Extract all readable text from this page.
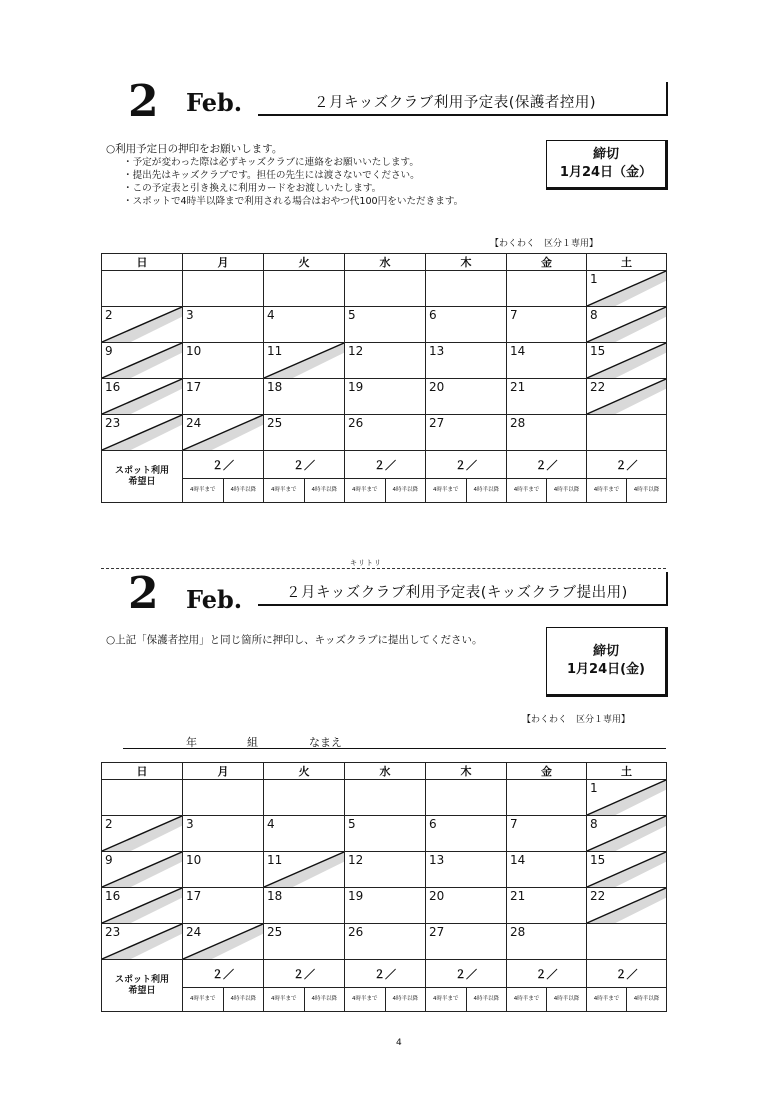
2 Feb.	２月キッズクラブ利用予定表(保護者控用)
○利用予定日の押印をお願いします。
・予定が変わった際は必ずキッズクラブに連絡をお願いいたします。
・提出先はキッズクラブです。担任の先生には渡さないでください。
・この予定表と引き換えに利用カードをお渡しいたします。
・スポットで4時半以降まで利用される場合はおやつ代100円をいただきます。
締切
1月24日（金）
【わくわく　区分１専用】
日	月	火	水	木	金	土

						1

2	3	4	5	6	7	8

9	10	11	12	13	14	15

16	17	18	19	20	21	22

23	24	25	26	27	28	

スポット利用
希望日	２／	２／	２／	２／	２／	２／

	4時半まで 4時半以降	4時半まで 4時半以降	4時半まで 4時半以降	4時半まで 4時半以降	4時半まで 4時半以降	4時半まで 4時半以降
キリトリ
2 Feb.	２月キッズクラブ利用予定表(キッズクラブ提出用)
○上記「保護者控用」と同じ箇所に押印し、キッズクラブに提出してください。
締切
1月24日(金)
【わくわく　区分１専用】
年	組	なまえ
日	月	火	水	木	金	土

						1

2	3	4	5	6	7	8

9	10	11	12	13	14	15

16	17	18	19	20	21	22

23	24	25	26	27	28	

スポット利用
希望日	２／	２／	２／	２／	２／	２／

	4時半まで 4時半以降	4時半まで 4時半以降	4時半まで 4時半以降	4時半まで 4時半以降	4時半まで 4時半以降	4時半まで 4時半以降
4
